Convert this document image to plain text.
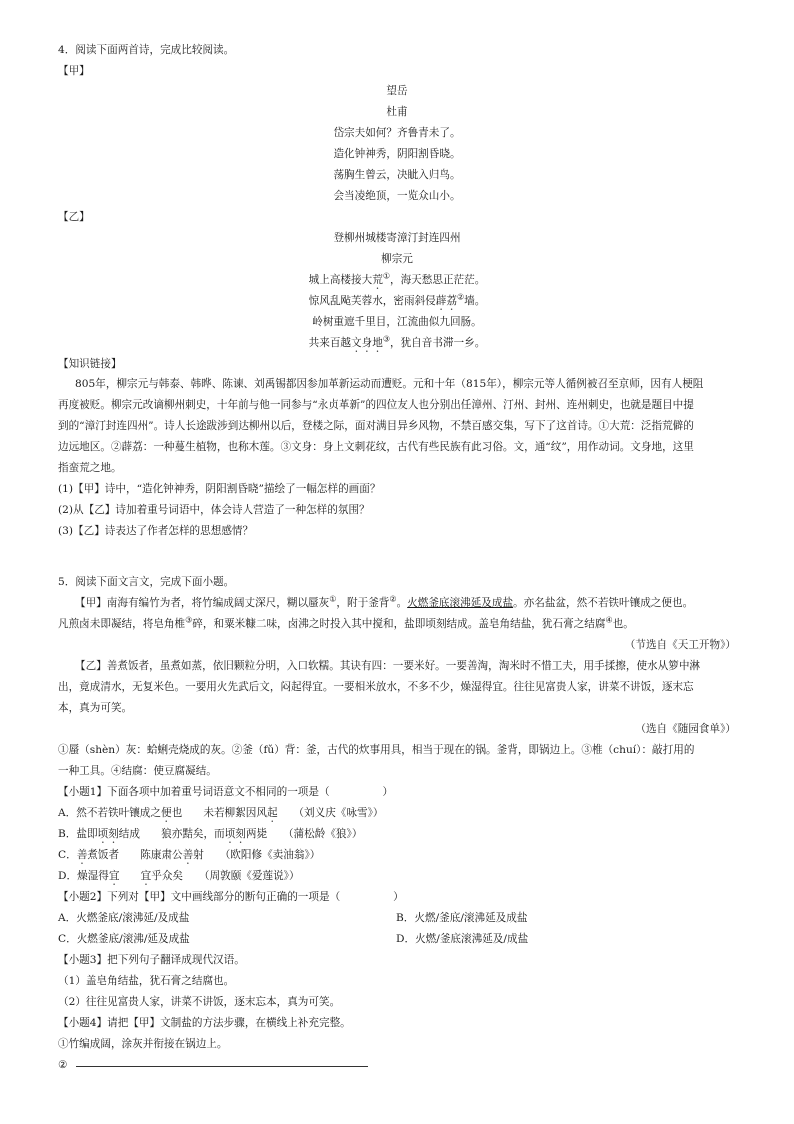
4．阅读下面两首诗，完成比较阅读。
【甲】
望岳
杜甫
岱宗夫如何？齐鲁青未了。
造化钟神秀，阴阳割昏晓。
荡胸生曾云，决眦入归鸟。
会当凌绝顶，一览众山小。
【乙】
登柳州城楼寄漳汀封连四州
柳宗元
城上高楼接大荒①，海天愁思正茫茫。
惊风乱飐芙蓉水，密雨斜侵薜荔②墙。
岭树重遮千里目，江流曲似九回肠。
共来百越文身地③，犹自音书滞一乡。
【知识链接】
805年，柳宗元与韩泰、韩晔、陈谏、刘禹锡都因参加革新运动而遭贬。元和十年（815年），柳宗元等人循例被召至京师，因有人梗阻
再度被贬。柳宗元改谪柳州刺史，十年前与他一同参与“永贞革新”的四位友人也分别出任漳州、汀州、封州、连州刺史，也就是题目中提
到的“漳汀封连四州”。诗人长途跋涉到达柳州以后，登楼之际，面对满目异乡风物，不禁百感交集，写下了这首诗。①大荒：泛指荒僻的
边远地区。②薜荔：一种蔓生植物，也称木莲。③文身：身上文刺花纹，古代有些民族有此习俗。文，通“纹”，用作动词。文身地，这里
指蛮荒之地。
(1)【甲】诗中，“造化钟神秀，阴阳割昏晓”描绘了一幅怎样的画面？
(2)从【乙】诗加着重号词语中，体会诗人营造了一种怎样的氛围？
(3)【乙】诗表达了作者怎样的思想感情？
5．阅读下面文言文，完成下面小题。
【甲】南海有编竹为者，将竹编成阔丈深尺，糊以蜃灰①，附于釜背②。火燃釜底滚沸延及成盐。亦名盐盆，然不若铁叶镶成之便也。
凡煎卤未即凝结，将皂角椎③碎，和粟米糠二味，卤沸之时投入其中搅和，盐即顷刻结成。盖皂角结盐，犹石膏之结腐④也。
（节选自《天工开物》）
【乙】善煮饭者，虽煮如蒸，依旧颗粒分明，入口软糯。其诀有四：一要米好。一要善淘，淘米时不惜工夫，用手揉擦，使水从箩中淋
出，竟成清水，无复米色。一要用火先武后文，闷起得宜。一要相米放水，不多不少，燥湿得宜。往往见富贵人家，讲菜不讲饭，逐末忘
本，真为可笑。
（选自《随园食单》）
①蜃（shèn）灰：蛤蜊壳烧成的灰。②釜（fǔ）背：釜，古代的炊事用具，相当于现在的锅。釜背，即锅边上。③椎（chuí）：敲打用的
一种工具。④结腐：使豆腐凝结。
【小题1】下面各项中加着重号词语意文不相同的一项是（　　　　　）
A．然不若铁叶镶成之便也　　未若柳絮因风起　　（刘义庆《咏雪》）
B．盐即顷刻结成　　狼亦黠矣，而顷刻两毙　　（蒲松龄《狼》）
C．善煮饭者　　陈康肃公善射　　（欧阳修《卖油翁》）
D．燥湿得宜　　 宜乎众矣　　（周敦颐《爱莲说》）
【小题2】下列对【甲】文中画线部分的断句正确的一项是（　　　　　）
A．火燃釜底/滚沸延/及成盐	B．火燃/釜底/滚沸延及成盐
C．火燃釜底/滚沸/延及成盐	D．火燃/釜底滚沸延及/成盐
【小题3】把下列句子翻译成现代汉语。
（1）盖皂角结盐，犹石膏之结腐也。
（2）往往见富贵人家，讲菜不讲饭，逐末忘本，真为可笑。
【小题4】请把【甲】文制盐的方法步骤，在横线上补充完整。
①竹编成阔，涂灰并衔接在锅边上。
②
